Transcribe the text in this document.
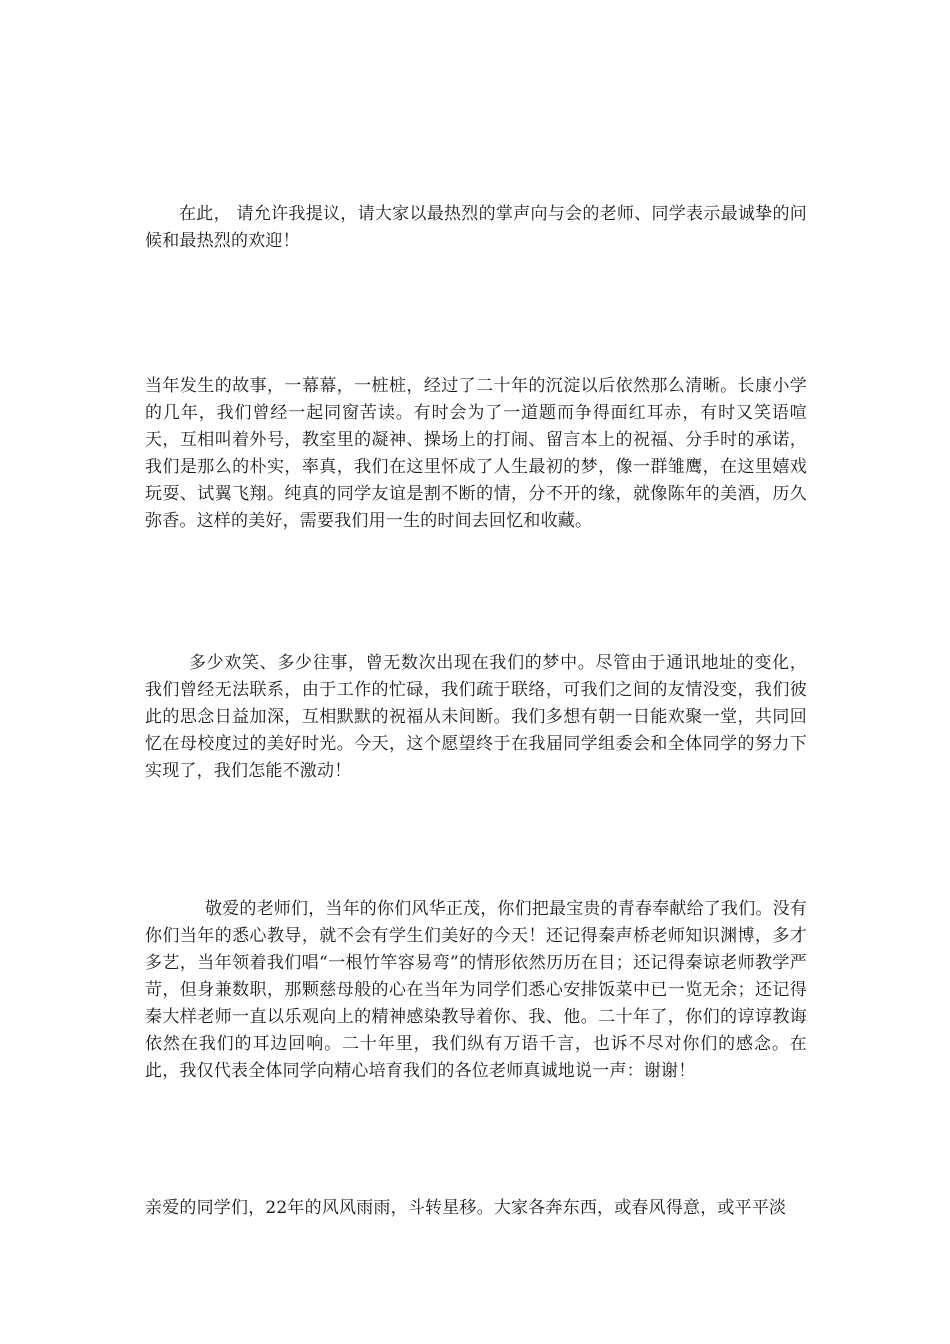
在此， 请允许我提议，请大家以最热烈的掌声向与会的老师、同学表示最诚挚的问候和最热烈的欢迎！

当年发生的故事，一幕幕，一桩桩，经过了二十年的沉淀以后依然那么清晰。长康小学的几年，我们曾经一起同窗苦读。有时会为了一道题而争得面红耳赤，有时又笑语喧天，互相叫着外号，教室里的凝神、操场上的打闹、留言本上的祝福、分手时的承诺，我们是那么的朴实，率真，我们在这里怀成了人生最初的梦，像一群雏鹰，在这里嬉戏玩耍、试翼飞翔。纯真的同学友谊是割不断的情，分不开的缘，就像陈年的美酒，历久弥香。这样的美好，需要我们用一生的时间去回忆和收藏。

多少欢笑、多少往事，曾无数次出现在我们的梦中。尽管由于通讯地址的变化，我们曾经无法联系，由于工作的忙碌，我们疏于联络，可我们之间的友情没变，我们彼此的思念日益加深，互相默默的祝福从未间断。我们多想有朝一日能欢聚一堂，共同回忆在母校度过的美好时光。今天，这个愿望终于在我届同学组委会和全体同学的努力下实现了，我们怎能不激动！

敬爱的老师们，当年的你们风华正茂，你们把最宝贵的青春奉献给了我们。没有你们当年的悉心教导，就不会有学生们美好的今天！还记得秦声桥老师知识渊博，多才多艺，当年领着我们唱“一根竹竿容易弯”的情形依然历历在目；还记得秦谅老师教学严苛，但身兼数职，那颗慈母般的心在当年为同学们悉心安排饭菜中已一览无余；还记得秦大样老师一直以乐观向上的精神感染教导着你、我、他。二十年了，你们的谆谆教诲依然在我们的耳边回响。二十年里，我们纵有万语千言，也诉不尽对你们的感念。在此，我仅代表全体同学向精心培育我们的各位老师真诚地说一声：谢谢！

亲爱的同学们，22年的风风雨雨，斗转星移。大家各奔东西，或春风得意，或平平淡
